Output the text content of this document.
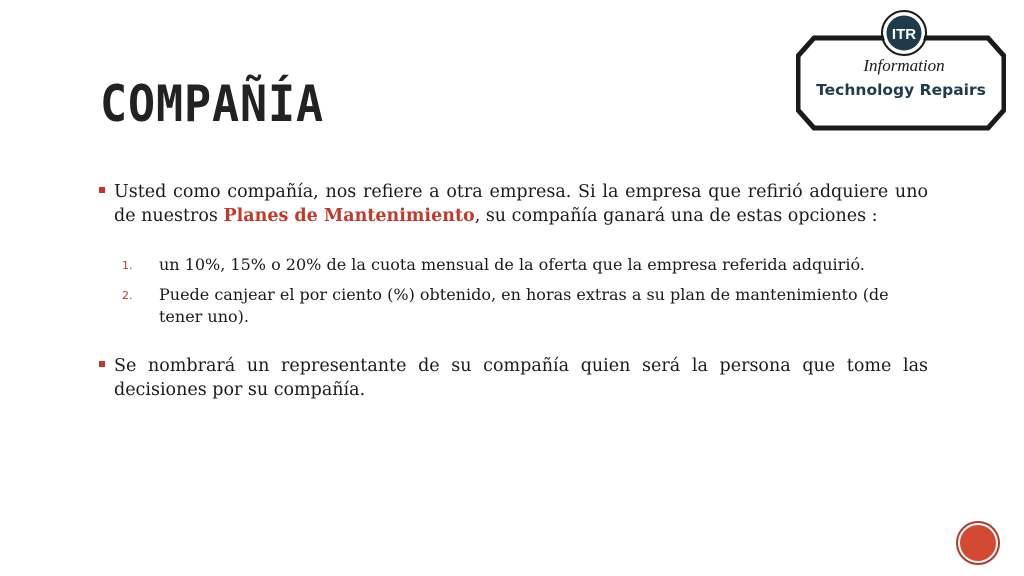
COMPAÑÍA
ITR
Information
Technology Repairs

Usted como compañía, nos refiere a otra empresa. Si la empresa que refirió adquiere uno de nuestros Planes de Mantenimiento, su compañía ganará una de estas opciones :

1. un 10%, 15% o 20% de la cuota mensual de la oferta que la empresa referida adquirió.
2. Puede canjear el por ciento (%) obtenido, en horas extras a su plan de mantenimiento (de tener uno).

Se nombrará un representante de su compañía quien será la persona que tome las decisiones por su compañía.
